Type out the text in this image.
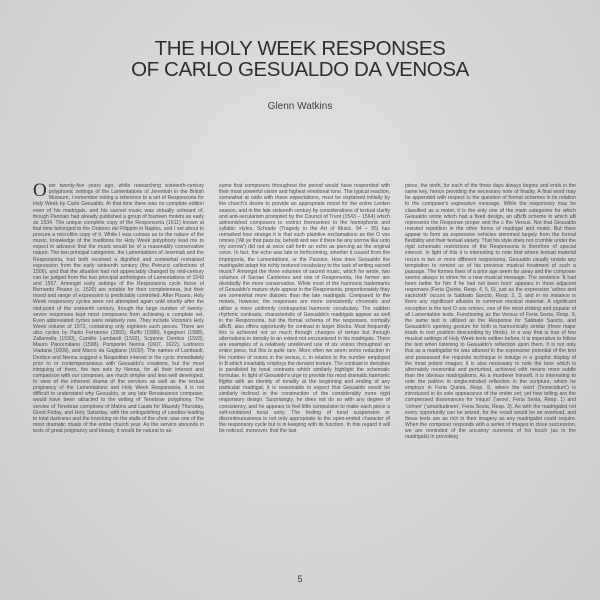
THE HOLY WEEK RESPONSES
OF CARLO GESUALDO DA VENOSA
Glenn Watkins

Over twenty-five years ago, while researching sixteenth-century polyphonic settings of the Lamentations of Jeremiah in the British Museum, I remember noting a reference to a set of Responsoria for Holy Week by Carlo Gesualdo. At that time there was no complete edition even of his madrigals, and his sacred music was virtually unheard of, though Pannain had already published a group of fourteen motets as early as 1934. The unique complete copy of the Responsoria (1611) known at that time belonged to the Oratorio dei Filippini in Naples, and I set about to procure a microfilm copy of it. While I was curious as to the nature of the music, knowledge of the traditions for Holy Week polyphony lead me to expect in advance that the music would be of a reasonably conservative nature. The two principal categories, the Lamentations of Jeremiah and the Responsoria, had both received a dignified and somewhat restrained expression from the early sixteenth century (the Petrucci collections of 1506), and that the situation had not appreciably changed by mid-century can be judged from the two principal anthologies of Lamentations of 1549 and 1557. Amongst early settings of the Responsoria cycle those of Bernardo Pisano (c. 1520) are notable for their completeness, but their mood and range of expression is predictably controlled. After Pisano, Holy Week responsory cycles were not attempted again until shortly after the mid-point of the sixteenth century, though the large number of twenty-seven responses kept most composers from achieving a complete set. Even abbreviated cycles were relatively rare. They include Victoria's Holy Week volume of 1572, containing only eighteen such pieces. There are also cycles by Paolo Ferrarese (1565), Ruffo (1586), Ingegneri (1588), Zallamella (1590), Camillo Lambardi (1592), Scipione Dentice (1593), Mauro Panormitano (1598), Pomponio Nenna (1607, 1622), Lodovico Viadana (1609), and Marco da Gagliano (1630). The names of Lambardi, Dentice and Nenna suggest a Neapolitan interest in the cycle immediately prior to or contemporaneous with Gesualdo's creations, but the most intriguing of them, the two sets by Nenna, for all their interest and comparison with our composer, are much simpler and less well developed. In view of the inherent drama of the services as well as the textual poignancy of the Lamentations and Holy Week Responsoria, it is not difficult to understand why Gesualdo, or any late Renaissance composer, would have been attracted to the writing of Tenebrae polyphony. The service of Tenebrae comprises of Matins and Lauds for Maundy Thursday, Good Friday, and Holy Saturday, with the extinguishing of candles leading to total darkness and the knocking on the stalls of the choir, was one of the most dramatic rituals of the entire church year. As the service abounds in texts of great poignancy and beauty, it would be natural to as-

sume that composers throughout the period would have responded with their most powerful vision and highest emotional tone. The typical reaction, somewhat at odds with these expectations, must be explained initially by the church's desire to provide an appropriate mood for the entire Lenten season, and in the late sixteenth century by considerations of textual clarity and anti-secularism prompted by the Council of Trent (1543 – 1564) which admonished composers to restrict themselves to the homophonic and syllabic styles. Schrade (Tragedy in the Art of Music, 94 – 95) has remarked how strange it is that such plaintive exclamations as the O vos omnes ('All ye that pass by, behold and see if there be any sorrow like unto my sorrow') did not at once call forth an echo as piercing as the original voice. In fact, the echo was late in forthcoming, whether it issued from the Improperia, the Lamentations, or the Passion. How does Gesualdo the madrigalist adapt his richly textured vocabulary to the task of writing sacred music? Amongst the three volumes of sacred music, which he wrote, two volumes of Sacrae Cantiones and one of Responsoria, the former are decidedly the more conservative. While most of the harmonic trademarks of Gesualdo's mature style appear in the Responsoria, proportionately they are somewhat more diatonic than the late madrigals. Compared to the motets, however, the responses are more consistently chromatic and utilize a more uniformly contrapuntal harmonic vocabulary. The sudden rhythmic contrasts, characteristic of Gesualdo's madrigals appear as well in the Responsoria, but the formal schema of the responses, normally aBcB, also offers opportunity for contrast in larger blocks. Most frequently this is achieved not so much through changes of tempo but through alternations in density to an extent not encountered in his madrigals. There are examples of a relatively unrelieved use of six voices throughout an entire piece, but this is quite rare. More often we seem some reduction in the number of voices in the versus, c. in relation to the number employed in B which invariably employs the densest texture. The contrast in densities is paralleled by tonal contrasts which similarly highlight the schematic formulae. In light of Gesualdo's urge to provide his most dramatic harmonic flights with an identity of tonality at the beginning and ending of any particular madrigal, it is reasonable to expect that Gesualdo would be similarly inclined in the construction of the considerably more rigid responsory design. Surprisingly, he does not do so with any degree of consistency, and he appears to feel little compulsion to make each piece a self-contained tonal unity. The feeling of tonal suspension or discontinuousness is not only appropriate to the open-ended character of the responsory cycle but is in keeping with its function. In this regard it will be noticed, moreover, that the last

piece, the ninth, for each of the three days always begins and ends in the same key, hence providing the necessary note of finality. A final word may be appended with respect to the question of formal schemes in its relation to the composer's expressive message. While the responsory may be classified as a motet, it is the only one of the main categories for which Gesualdo wrote which had a fixed design, an aBcB scheme in which aB represents the Response proper and the c the Versus. Not that Gesualdo resisted repetition in the other forms of madrigal and motet. But there appear to form as expressive vehicles stemmed largely from the formal flexibility and their textual variety. That his style does not crumble under the rigid schematic restrictions of the Responsoria is therefore of special interest. In light of this it is interesting to note that where textual material recurs in two or more different responsoria, Gesualdo usually resists any temptation to remind us of his previous musical treatment of such a passage. The formes fixes of a prior age seem far away and the composer seems always to strive for a new musical message. The sentence 'It had been better for him if he had not been born' appears in three adjacent responses (Feria Quinta, Resp. 4, 5, 6), just as the expression 'ashes and sackcloth' occurs in Sabbato Sancto, Resp. 2, 3, and in no instance is there any significant allusion to common musical material. A significant exception is the text O vos omnes, one of the most striking and popular of all Lamentation texts. Functioning as the Versus of Feria Sexta, Resp. 9, the same text is utilized as the Response for Sabbato Sancto, and Gesualdo's opening gesture for both is harmonically similar (three major triads in root position descending by thirds). In a way that is true of few musical settings of Holy Week texts written before, it is imperative to follow the text when listening to Gesualdo's reflection upon them. It is not only that as a madrigalist he was attuned to the expressive potential of the text and possessed the requisite technique to indulge in a graphic display of the most potent images; it is also necessary to note the tone which is alternately reverential and perturbed, achieved with means more subtle than the obvious madrigalisms. As a murderer himself, it is interesting to note the pathos in single-minded reflection in the scripture, which he employs in Feria Quinta, Resp. 8, where the word ('homicidium') is introduced in its sole appearance of the entire set; yet how telling are the compressed dissonances for 'iniquo' ('avow', Feria Sexta, Resp. 1) and 'crimen' ('amaritudinem', Feria Sexta, Resp. 3). As with the madrigalist not every opportunity can be seized, for the result would be an overload, and these texts are as rich in their imagery as any madrigalist could require. When the composer responds with a series of images in close succession, we are reminded of the uncanny sureness of his touch (as in the madrigals) in provoking

5
